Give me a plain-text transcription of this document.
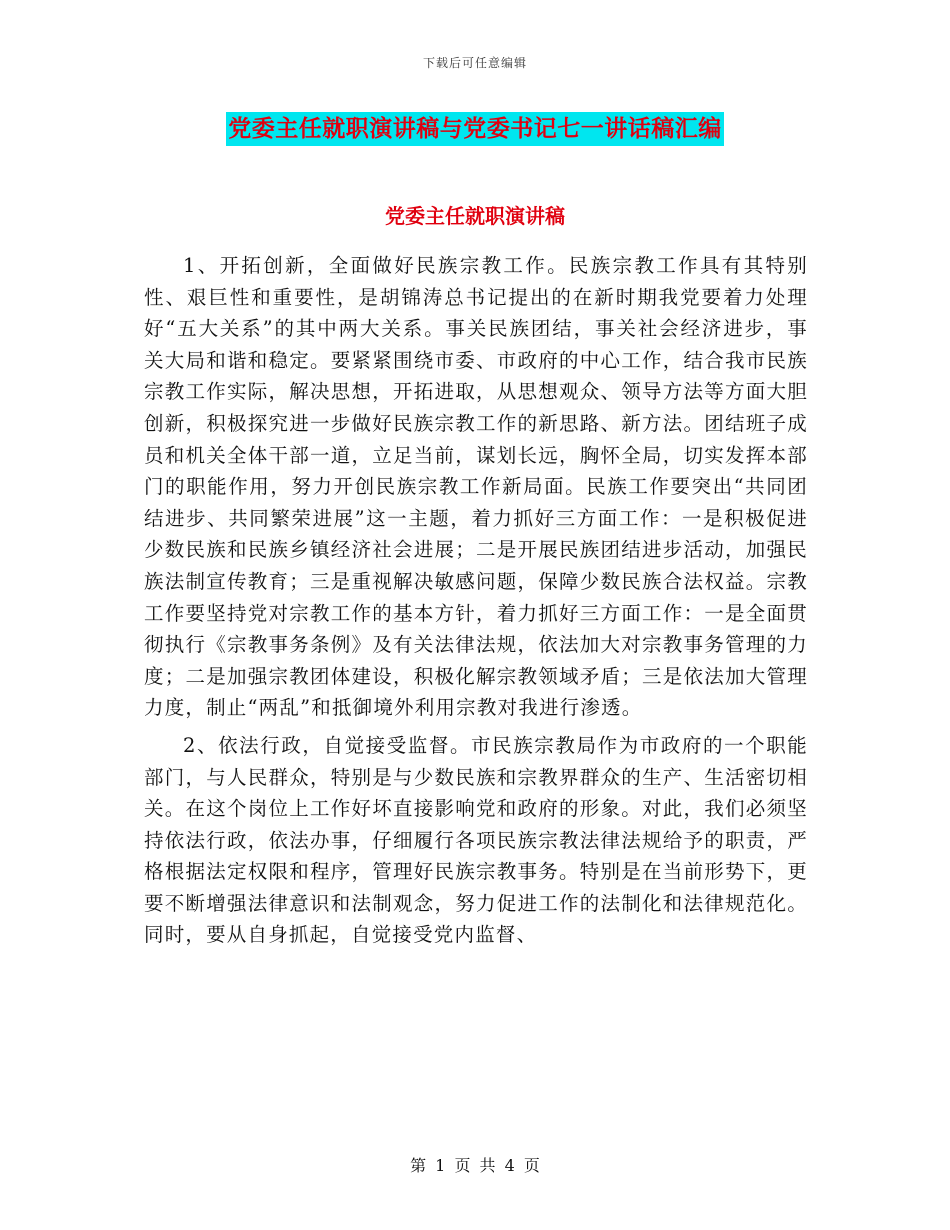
下载后可任意编辑
党委主任就职演讲稿与党委书记七一讲话稿汇编
党委主任就职演讲稿

1、开拓创新，全面做好民族宗教工作。民族宗教工作具有其特别性、艰巨性和重要性，是胡锦涛总书记提出的在新时期我党要着力处理好“五大关系”的其中两大关系。事关民族团结，事关社会经济进步，事关大局和谐和稳定。要紧紧围绕市委、市政府的中心工作，结合我市民族宗教工作实际，解决思想，开拓进取，从思想观众、领导方法等方面大胆创新，积极探究进一步做好民族宗教工作的新思路、新方法。团结班子成员和机关全体干部一道，立足当前，谋划长远，胸怀全局，切实发挥本部门的职能作用，努力开创民族宗教工作新局面。民族工作要突出“共同团结进步、共同繁荣进展”这一主题，着力抓好三方面工作：一是积极促进少数民族和民族乡镇经济社会进展；二是开展民族团结进步活动，加强民族法制宣传教育；三是重视解决敏感问题，保障少数民族合法权益。宗教工作要坚持党对宗教工作的基本方针，着力抓好三方面工作：一是全面贯彻执行《宗教事务条例》及有关法律法规，依法加大对宗教事务管理的力度；二是加强宗教团体建设，积极化解宗教领域矛盾；三是依法加大管理力度，制止“两乱”和抵御境外利用宗教对我进行渗透。

2、依法行政，自觉接受监督。市民族宗教局作为市政府的一个职能部门，与人民群众，特别是与少数民族和宗教界群众的生产、生活密切相关。在这个岗位上工作好坏直接影响党和政府的形象。对此，我们必须坚持依法行政，依法办事，仔细履行各项民族宗教法律法规给予的职责，严格根据法定权限和程序，管理好民族宗教事务。特别是在当前形势下，更要不断增强法律意识和法制观念，努力促进工作的法制化和法律规范化。同时，要从自身抓起，自觉接受党内监督、

第 1 页 共 4 页
